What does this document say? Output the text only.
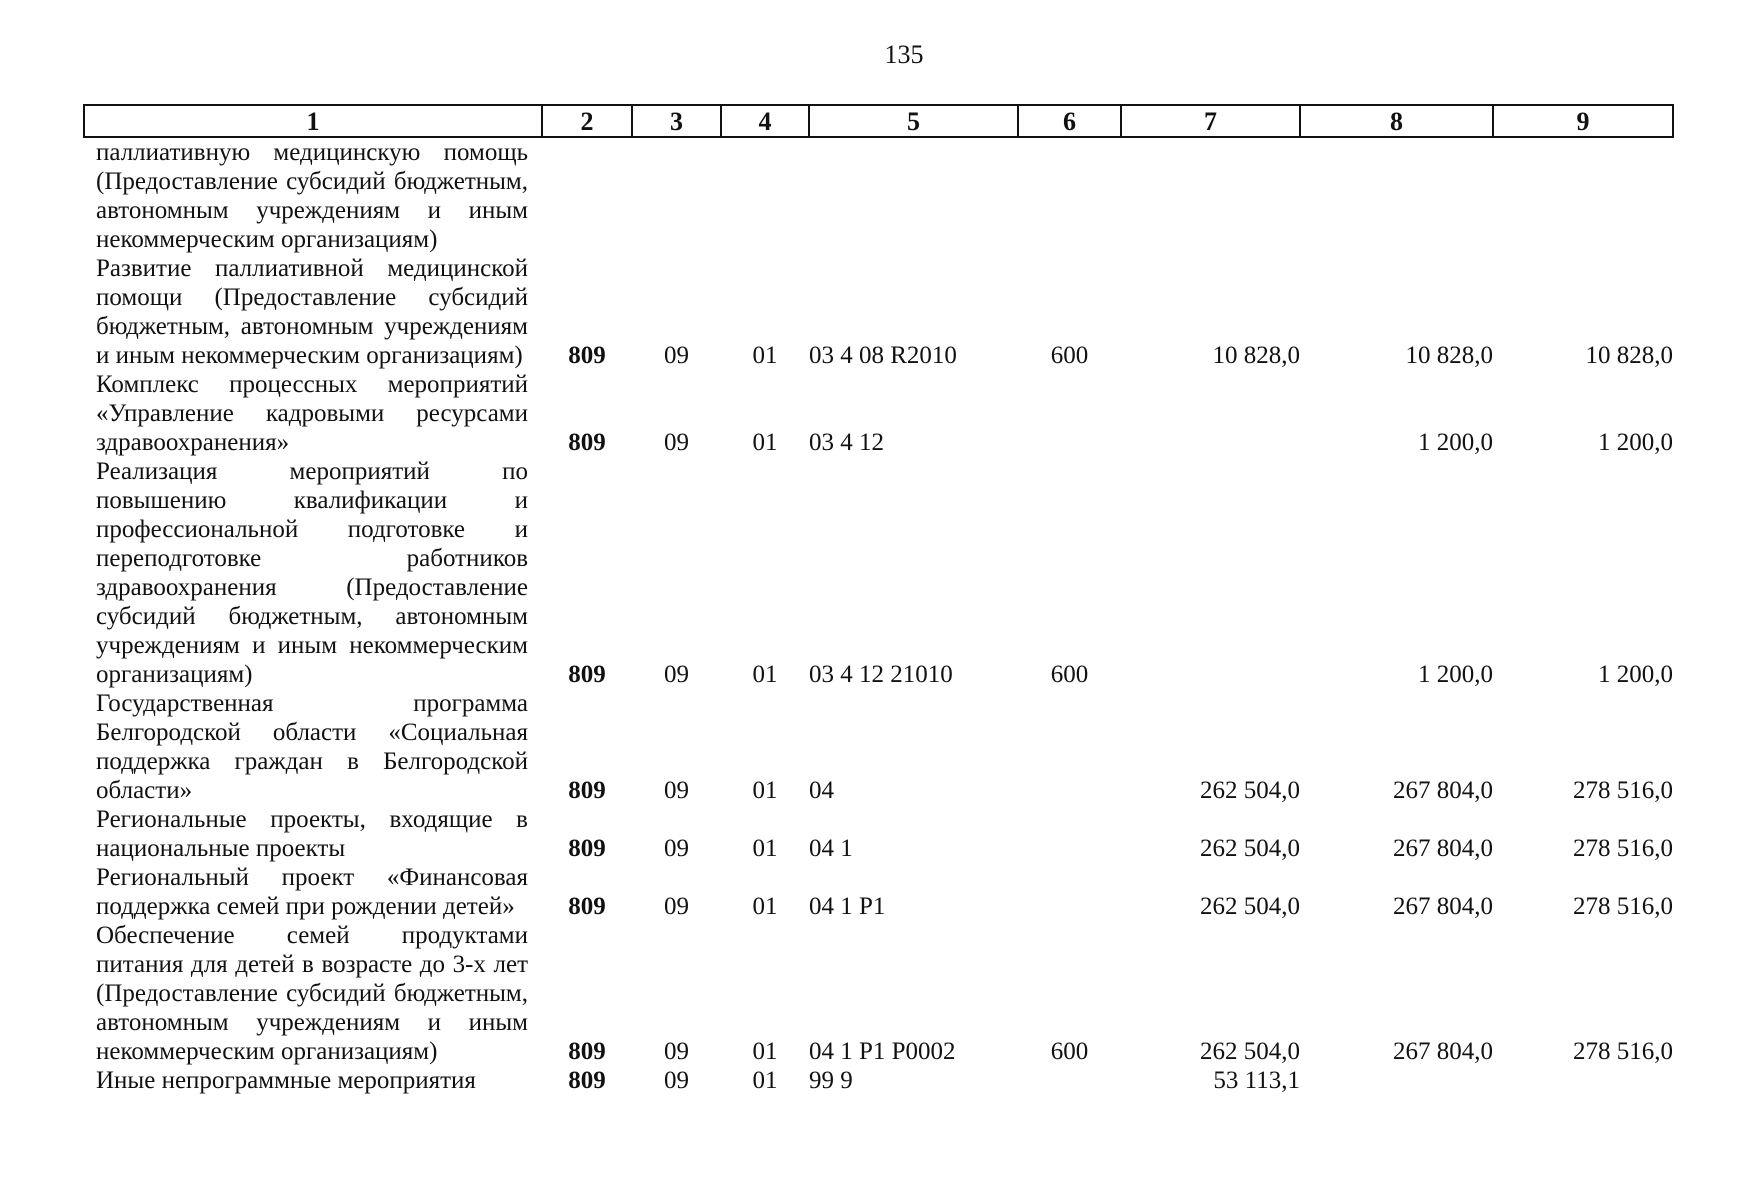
135
1	2	3	4	5	6	7	8	9
паллиативную медицинскую помощь (Предоставление субсидий бюджетным, автономным учреждениям и иным некоммерческим организациям)								
Развитие паллиативной медицинской помощи (Предоставление субсидий бюджетным, автономным учреждениям и иным некоммерческим организациям)	809	09	01	03 4 08 R2010	600	10 828,0	10 828,0	10 828,0
Комплекс процессных мероприятий «Управление кадровыми ресурсами здравоохранения»	809	09	01	03 4 12			1 200,0	1 200,0
Реализация мероприятий по повышению квалификации и профессиональной подготовке и переподготовке работников здравоохранения (Предоставление субсидий бюджетным, автономным учреждениям и иным некоммерческим организациям)	809	09	01	03 4 12 21010	600		1 200,0	1 200,0
Государственная программа Белгородской области «Социальная поддержка граждан в Белгородской области»	809	09	01	04		262 504,0	267 804,0	278 516,0
Региональные проекты, входящие в национальные проекты	809	09	01	04 1		262 504,0	267 804,0	278 516,0
Региональный проект «Финансовая поддержка семей при рождении детей»	809	09	01	04 1 P1		262 504,0	267 804,0	278 516,0
Обеспечение семей продуктами питания для детей в возрасте до 3-х лет (Предоставление субсидий бюджетным, автономным учреждениям и иным некоммерческим организациям)	809	09	01	04 1 P1 P0002	600	262 504,0	267 804,0	278 516,0
Иные непрограммные мероприятия	809	09	01	99 9		53 113,1		
